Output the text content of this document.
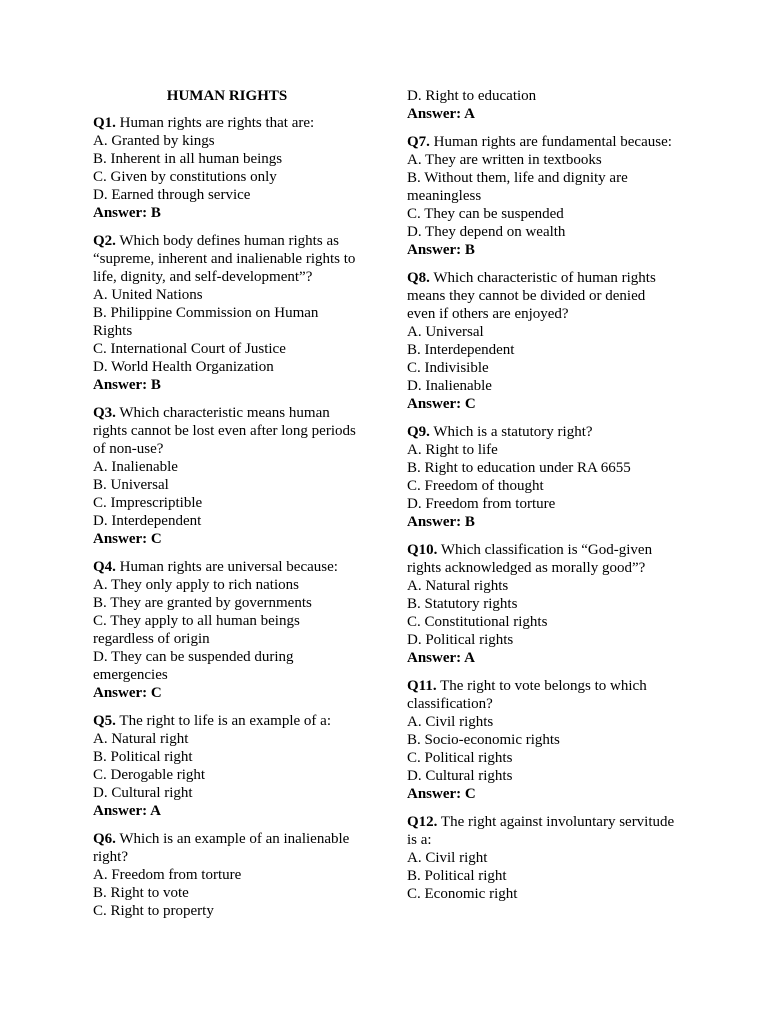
HUMAN RIGHTS

Q1. Human rights are rights that are:

A. Granted by kings

B. Inherent in all human beings

C. Given by constitutions only

D. Earned through service

Answer: B

Q2. Which body defines human rights as “supreme, inherent and inalienable rights to life, dignity, and self-development”?

A. United Nations

B. Philippine Commission on Human Rights

C. International Court of Justice

D. World Health Organization

Answer: B

Q3. Which characteristic means human rights cannot be lost even after long periods of non-use?

A. Inalienable

B. Universal

C. Imprescriptible

D. Interdependent

Answer: C

Q4. Human rights are universal because:

A. They only apply to rich nations

B. They are granted by governments

C. They apply to all human beings regardless of origin

D. They can be suspended during emergencies

Answer: C

Q5. The right to life is an example of a:

A. Natural right

B. Political right

C. Derogable right

D. Cultural right

Answer: A

Q6. Which is an example of an inalienable right?

A. Freedom from torture

B. Right to vote

C. Right to property

D. Right to education

Answer: A

Q7. Human rights are fundamental because:

A. They are written in textbooks

B. Without them, life and dignity are meaningless

C. They can be suspended

D. They depend on wealth

Answer: B

Q8. Which characteristic of human rights means they cannot be divided or denied even if others are enjoyed?

A. Universal

B. Interdependent

C. Indivisible

D. Inalienable

Answer: C

Q9. Which is a statutory right?

A. Right to life

B. Right to education under RA 6655

C. Freedom of thought

D. Freedom from torture

Answer: B

Q10. Which classification is “God-given rights acknowledged as morally good”?

A. Natural rights

B. Statutory rights

C. Constitutional rights

D. Political rights

Answer: A

Q11. The right to vote belongs to which classification?

A. Civil rights

B. Socio-economic rights

C. Political rights

D. Cultural rights

Answer: C

Q12. The right against involuntary servitude is a:

A. Civil right

B. Political right

C. Economic right
